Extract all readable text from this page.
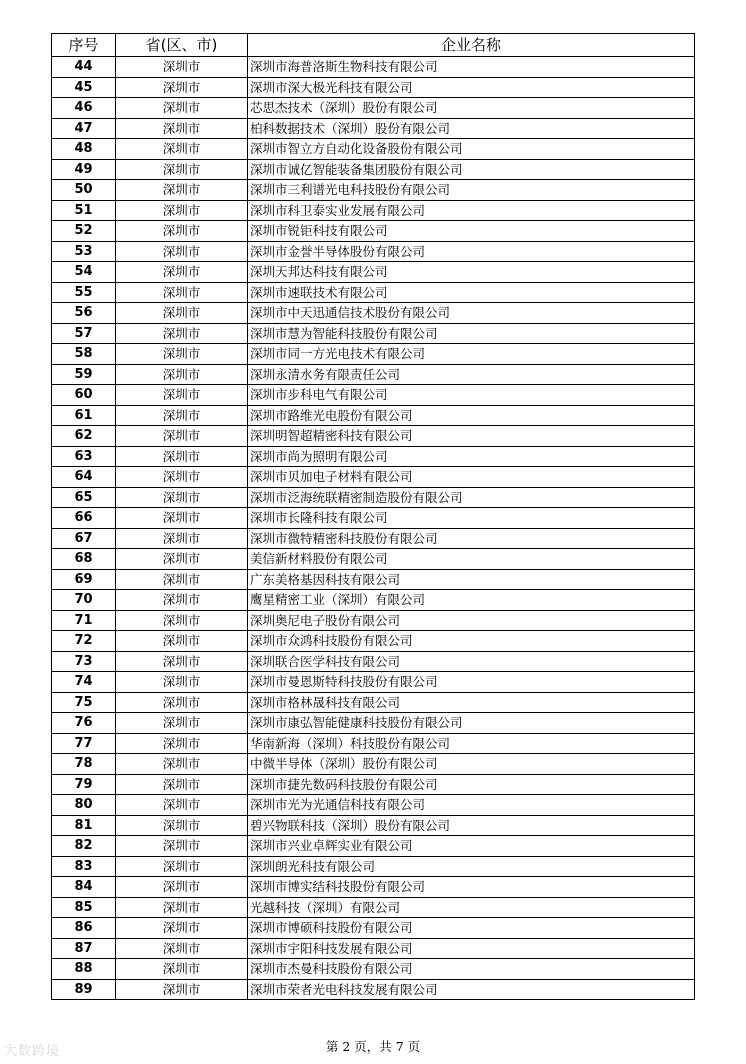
序号	省(区、市)	企业名称
44	深圳市	深圳市海普洛斯生物科技有限公司
45	深圳市	深圳市深大极光科技有限公司
46	深圳市	芯思杰技术（深圳）股份有限公司
47	深圳市	柏科数据技术（深圳）股份有限公司
48	深圳市	深圳市智立方自动化设备股份有限公司
49	深圳市	深圳市诚亿智能装备集团股份有限公司
50	深圳市	深圳市三利谱光电科技股份有限公司
51	深圳市	深圳市科卫泰实业发展有限公司
52	深圳市	深圳市锐钜科技有限公司
53	深圳市	深圳市金誉半导体股份有限公司
54	深圳市	深圳天邦达科技有限公司
55	深圳市	深圳市速联技术有限公司
56	深圳市	深圳市中天迅通信技术股份有限公司
57	深圳市	深圳市慧为智能科技股份有限公司
58	深圳市	深圳市同一方光电技术有限公司
59	深圳市	深圳永清水务有限责任公司
60	深圳市	深圳市步科电气有限公司
61	深圳市	深圳市路维光电股份有限公司
62	深圳市	深圳明智超精密科技有限公司
63	深圳市	深圳市尚为照明有限公司
64	深圳市	深圳市贝加电子材料有限公司
65	深圳市	深圳市泛海统联精密制造股份有限公司
66	深圳市	深圳市长隆科技有限公司
67	深圳市	深圳市微特精密科技股份有限公司
68	深圳市	美信新材料股份有限公司
69	深圳市	广东美格基因科技有限公司
70	深圳市	鹰星精密工业（深圳）有限公司
71	深圳市	深圳奥尼电子股份有限公司
72	深圳市	深圳市众鸿科技股份有限公司
73	深圳市	深圳联合医学科技有限公司
74	深圳市	深圳市曼恩斯特科技股份有限公司
75	深圳市	深圳市格林晟科技有限公司
76	深圳市	深圳市康弘智能健康科技股份有限公司
77	深圳市	华南新海（深圳）科技股份有限公司
78	深圳市	中微半导体（深圳）股份有限公司
79	深圳市	深圳市捷先数码科技股份有限公司
80	深圳市	深圳市光为光通信科技有限公司
81	深圳市	碧兴物联科技（深圳）股份有限公司
82	深圳市	深圳市兴业卓辉实业有限公司
83	深圳市	深圳朗光科技有限公司
84	深圳市	深圳市博实结科技股份有限公司
85	深圳市	光越科技（深圳）有限公司
86	深圳市	深圳市博硕科技股份有限公司
87	深圳市	深圳市宇阳科技发展有限公司
88	深圳市	深圳市杰曼科技股份有限公司
89	深圳市	深圳市荣者光电科技发展有限公司
第 2 页，共 7 页
大数跨境
